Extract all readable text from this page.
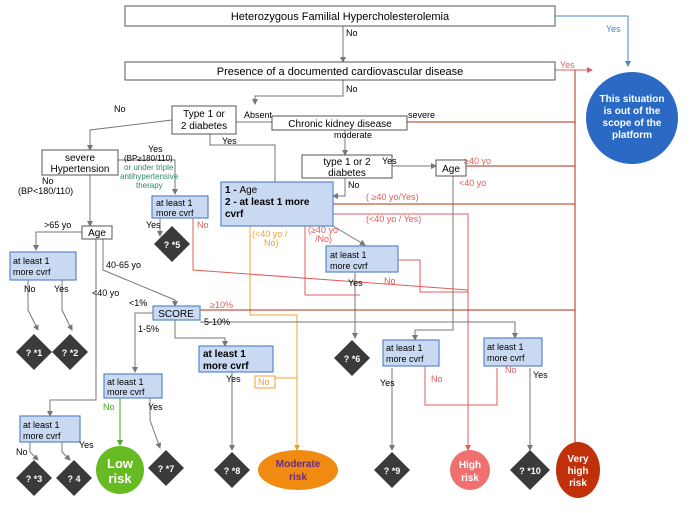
Heterozygous Familial Hypercholesterolemia
No	Yes
Presence of a documented cardiovascular disease
Yes
No
This situation
is out of the
scope of the
platform
No	Type 1 or
2 diabetes
Absent
Chronic kidney disease
severe
moderate
Yes
severe
Hypertension
Yes
(BP≥180/110)
or under triple
antihypertensive
therapy
No
(BP<180/110)
type 1 or 2
diabetes
Yes
No
Age
≥40 yo
<40 yo
( ≥40 yo/Yes)
(<40 yo / Yes)
1 - Age
2 - at least 1 more
cvrf
(<40 yo /
No)
(≥40 yo
/No)
at least 1
more cvrf
Yes	No
at least 1
more cvrf
No
Yes
>65 yo
Age
40-65 yo
<40 yo
at least 1
more cvrf
No Yes
<1%
SCORE
≥10%
5-10%
1-5%
at least 1
more cvrf
Yes No
at least 1
more cvrf
No	Yes
at least 1
more cvrf
No
Yes
at least 1
more cvrf
Yes	No
at least 1
more cvrf
No Yes
? *5
? *1 ? *2
? *6
? *3	? 4
? *7	? *8	? *9	? *10
Low
risk
Moderate
risk
High
risk
Very
high
risk
